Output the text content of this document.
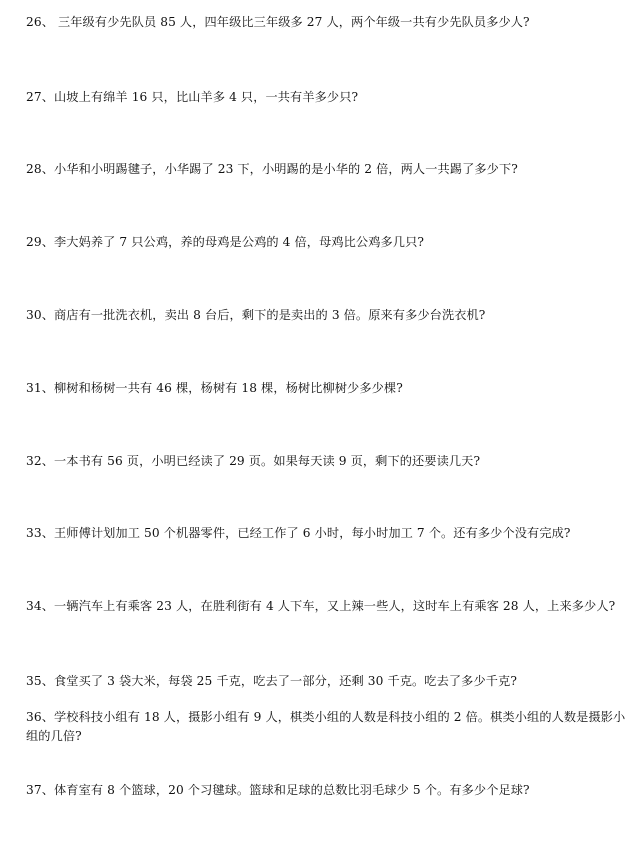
26、 三年级有少先队员 85 人，四年级比三年级多 27 人，两个年级一共有少先队员多少人?
27、山坡上有绵羊 16 只，比山羊多 4 只，一共有羊多少只?
28、小华和小明踢毽子，小华踢了 23 下，小明踢的是小华的 2 倍，两人一共踢了多少下?
29、李大妈养了 7 只公鸡，养的母鸡是公鸡的 4 倍，母鸡比公鸡多几只?
30、商店有一批洗衣机，卖出 8 台后，剩下的是卖出的 3 倍。原来有多少台洗衣机?
31、柳树和杨树一共有 46 棵，杨树有 18 棵，杨树比柳树少多少棵?
32、一本书有 56 页，小明已经读了 29 页。如果每天读 9 页，剩下的还要读几天?
33、王师傅计划加工 50 个机器零件，已经工作了 6 小时，每小时加工 7 个。还有多少个没有完成?
34、一辆汽车上有乘客 23 人，在胜利街有 4 人下车，又上辣一些人，这时车上有乘客 28 人，上来多少人?
35、食堂买了 3 袋大米，每袋 25 千克，吃去了一部分，还剩 30 千克。吃去了多少千克?
36、学校科技小组有 18 人，摄影小组有 9 人，棋类小组的人数是科技小组的 2 倍。棋类小组的人数是摄影小组的几倍?
37、体育室有 8 个篮球，20 个习毽球。篮球和足球的总数比羽毛球少 5 个。有多少个足球?
